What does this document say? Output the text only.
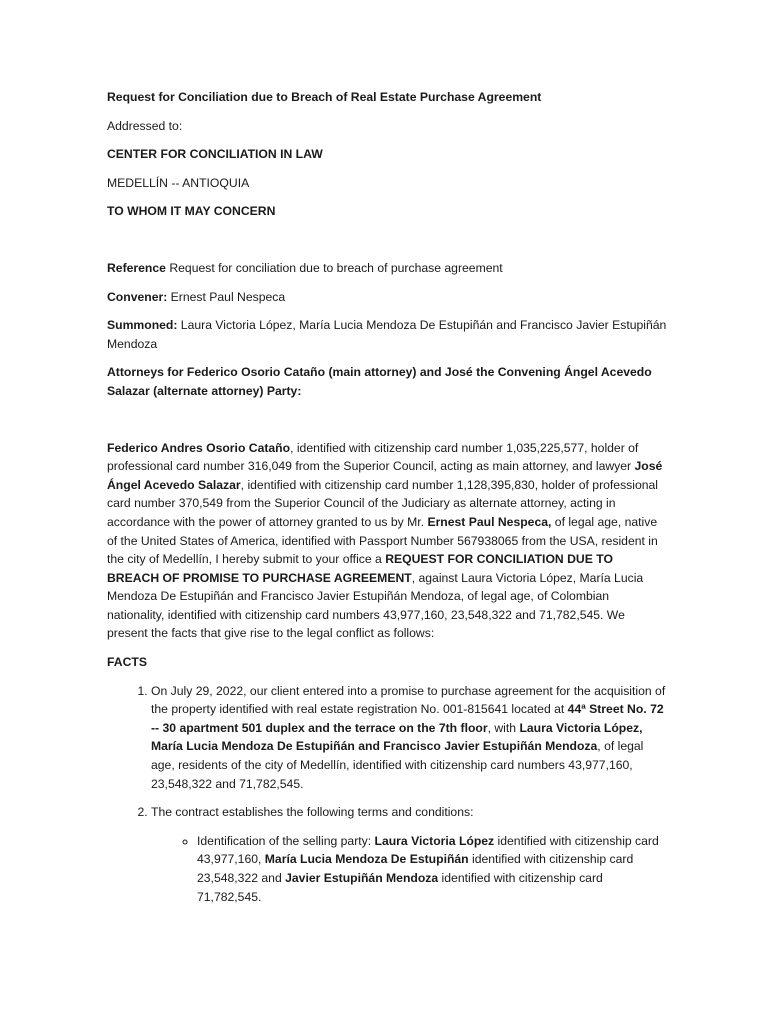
Request for Conciliation due to Breach of Real Estate Purchase Agreement

Addressed to:

CENTER FOR CONCILIATION IN LAW

MEDELLÍN -- ANTIOQUIA

TO WHOM IT MAY CONCERN

Reference Request for conciliation due to breach of purchase agreement

Convener: Ernest Paul Nespeca

Summoned: Laura Victoria López, María Lucia Mendoza De Estupiñán and Francisco Javier Estupiñán Mendoza

Attorneys for Federico Osorio Cataño (main attorney) and José the Convening Ángel Acevedo Salazar (alternate attorney) Party:

Federico Andres Osorio Cataño, identified with citizenship card number 1,035,225,577, holder of professional card number 316,049 from the Superior Council, acting as main attorney, and lawyer José Ángel Acevedo Salazar, identified with citizenship card number 1,128,395,830, holder of professional card number 370,549 from the Superior Council of the Judiciary as alternate attorney, acting in accordance with the power of attorney granted to us by Mr. Ernest Paul Nespeca, of legal age, native of the United States of America, identified with Passport Number 567938065 from the USA, resident in the city of Medellín, I hereby submit to your office a REQUEST FOR CONCILIATION DUE TO BREACH OF PROMISE TO PURCHASE AGREEMENT, against Laura Victoria López, María Lucia Mendoza De Estupiñán and Francisco Javier Estupiñán Mendoza, of legal age, of Colombian nationality, identified with citizenship card numbers 43,977,160, 23,548,322 and 71,782,545. We present the facts that give rise to the legal conflict as follows:

FACTS

1. On July 29, 2022, our client entered into a promise to purchase agreement for the acquisition of the property identified with real estate registration No. 001-815641 located at 44ª Street No. 72 -- 30 apartment 501 duplex and the terrace on the 7th floor, with Laura Victoria López, María Lucia Mendoza De Estupiñán and Francisco Javier Estupiñán Mendoza, of legal age, residents of the city of Medellín, identified with citizenship card numbers 43,977,160, 23,548,322 and 71,782,545.
2. The contract establishes the following terms and conditions:
◦ Identification of the selling party: Laura Victoria López identified with citizenship card 43,977,160, María Lucia Mendoza De Estupiñán identified with citizenship card 23,548,322 and Javier Estupiñán Mendoza identified with citizenship card 71,782,545.
